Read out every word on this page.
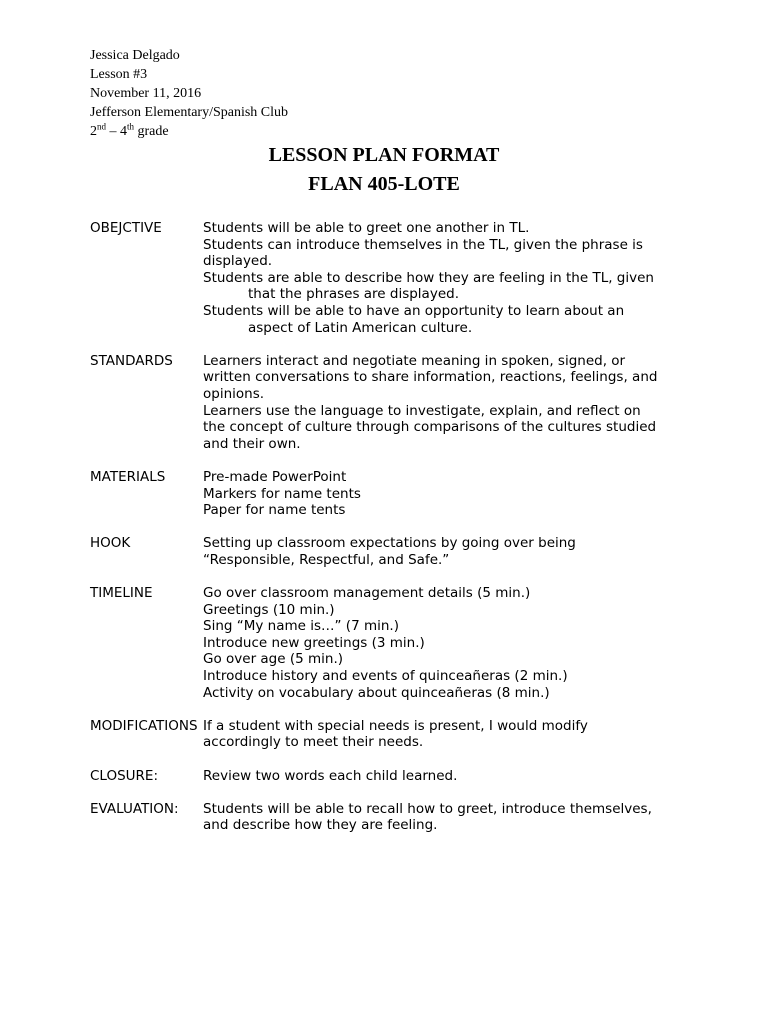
Jessica Delgado
Lesson #3
November 11, 2016
Jefferson Elementary/Spanish Club
2nd – 4th grade
LESSON PLAN FORMAT
FLAN 405-LOTE
OBEJCTIVE	Students will be able to greet one another in TL.
Students can introduce themselves in the TL, given the phrase is
displayed.
Students are able to describe how they are feeling in the TL, given
that the phrases are displayed.
Students will be able to have an opportunity to learn about an
aspect of Latin American culture.
STANDARDS	Learners interact and negotiate meaning in spoken, signed, or
written conversations to share information, reactions, feelings, and
opinions.
Learners use the language to investigate, explain, and reflect on
the concept of culture through comparisons of the cultures studied
and their own.
MATERIALS	Pre-made PowerPoint
Markers for name tents
Paper for name tents
HOOK	Setting up classroom expectations by going over being
“Responsible, Respectful, and Safe.”
TIMELINE	Go over classroom management details (5 min.)
Greetings (10 min.)
Sing “My name is…” (7 min.)
Introduce new greetings (3 min.)
Go over age (5 min.)
Introduce history and events of quinceañeras (2 min.)
Activity on vocabulary about quinceañeras (8 min.)
MODIFICATIONS If a student with special needs is present, I would modify
accordingly to meet their needs.
CLOSURE:	Review two words each child learned.
EVALUATION:	Students will be able to recall how to greet, introduce themselves,
and describe how they are feeling.
